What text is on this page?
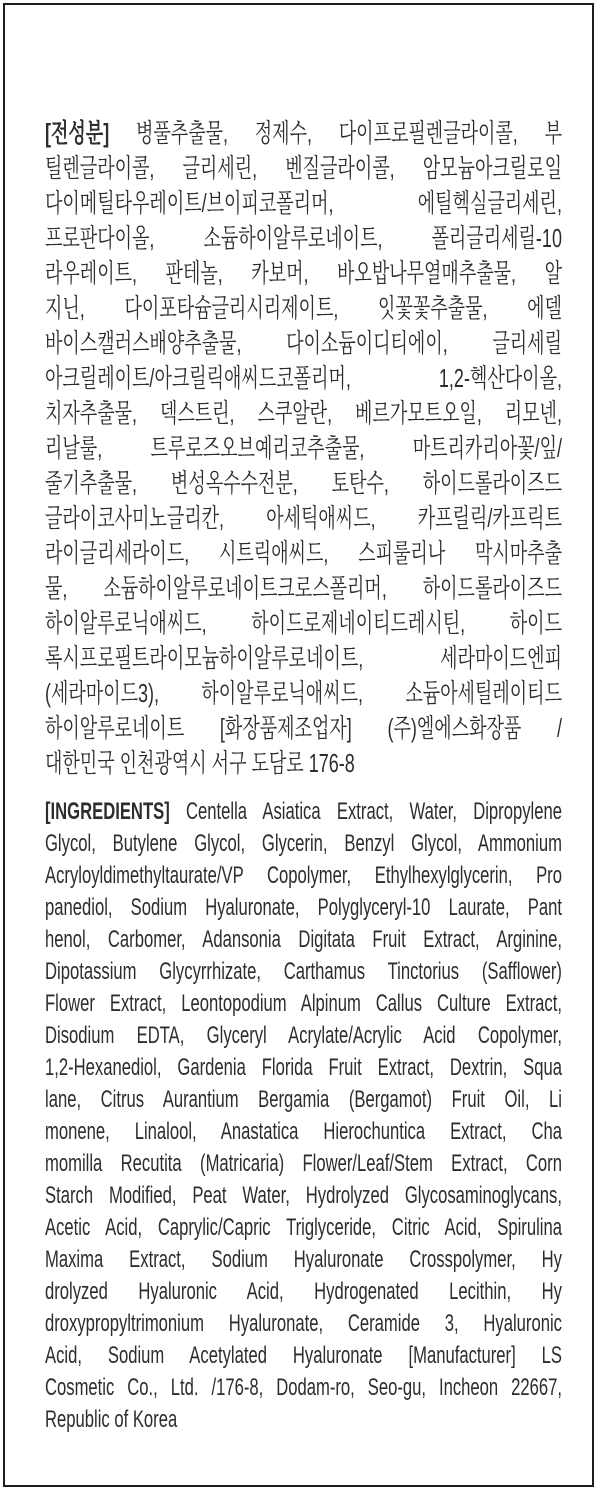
[전성분] 병풀추출물, 정제수, 다이프로필렌글라이콜, 부
틸렌글라이콜, 글리세린, 벤질글라이콜, 암모늄아크릴로일
다이메틸타우레이트/브이피코폴리머, 에틸헥실글리세린,
프로판다이올, 소듐하이알루로네이트, 폴리글리세릴-10
라우레이트, 판테놀, 카보머, 바오밥나무열매추출물, 알
지닌, 다이포타슘글리시리제이트, 잇꽃꽃추출물, 에델
바이스캘러스배양추출물, 다이소듐이디티에이, 글리세릴
아크릴레이트/아크릴릭애씨드코폴리머, 1,2-헥산다이올,
치자추출물, 덱스트린, 스쿠알란, 베르가모트오일, 리모넨,
리날룰, 트루로즈오브예리코추출물, 마트리카리아꽃/잎/
줄기추출물, 변성옥수수전분, 토탄수, 하이드롤라이즈드
글라이코사미노글리칸, 아세틱애씨드, 카프릴릭/카프릭트
라이글리세라이드, 시트릭애씨드, 스피룰리나 막시마추출
물, 소듐하이알루로네이트크로스폴리머, 하이드롤라이즈드
하이알루로닉애씨드, 하이드로제네이티드레시틴, 하이드
록시프로필트라이모늄하이알루로네이트, 세라마이드엔피
(세라마이드3), 하이알루로닉애씨드, 소듐아세틸레이티드
하이알루로네이트 [화장품제조업자] (주)엘에스화장품 /
대한민국 인천광역시 서구 도담로 176-8
[INGREDIENTS] Centella Asiatica Extract, Water, Dipropylene
Glycol, Butylene Glycol, Glycerin, Benzyl Glycol, Ammonium
Acryloyldimethyltaurate/VP Copolymer, Ethylhexylglycerin, Pro
panediol, Sodium Hyaluronate, Polyglyceryl-10 Laurate, Pant
henol, Carbomer, Adansonia Digitata Fruit Extract, Arginine,
Dipotassium Glycyrrhizate, Carthamus Tinctorius (Safflower)
Flower Extract, Leontopodium Alpinum Callus Culture Extract,
Disodium EDTA, Glyceryl Acrylate/Acrylic Acid Copolymer,
1,2-Hexanediol, Gardenia Florida Fruit Extract, Dextrin, Squa
lane, Citrus Aurantium Bergamia (Bergamot) Fruit Oil, Li
monene, Linalool, Anastatica Hierochuntica Extract, Cha
momilla Recutita (Matricaria) Flower/Leaf/Stem Extract, Corn
Starch Modified, Peat Water, Hydrolyzed Glycosaminoglycans,
Acetic Acid, Caprylic/Capric Triglyceride, Citric Acid, Spirulina
Maxima Extract, Sodium Hyaluronate Crosspolymer, Hy
drolyzed Hyaluronic Acid, Hydrogenated Lecithin, Hy
droxypropyltrimonium Hyaluronate, Ceramide 3, Hyaluronic
Acid, Sodium Acetylated Hyaluronate [Manufacturer] LS
Cosmetic Co., Ltd. /176-8, Dodam-ro, Seo-gu, Incheon 22667,
Republic of Korea
